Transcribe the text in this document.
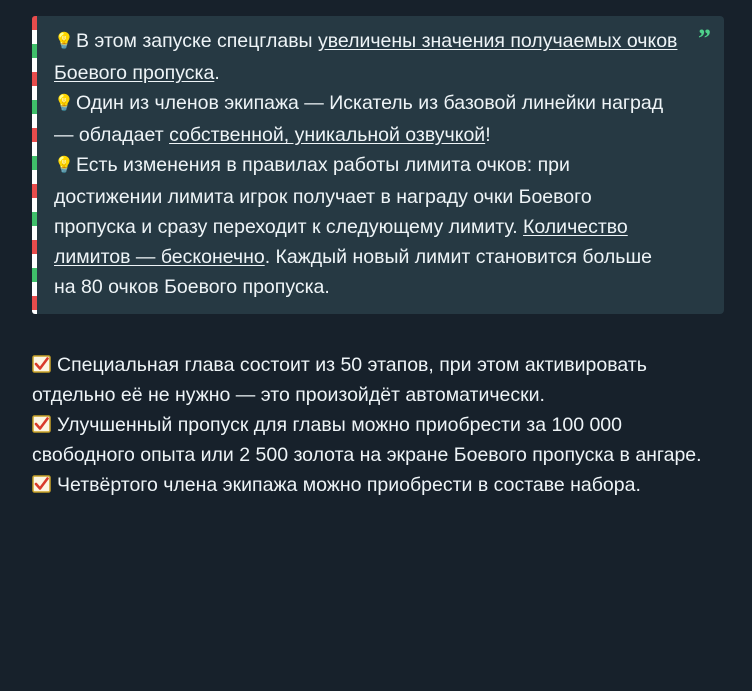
”

💡 В этом запуске спецглавы увеличены значения получаемых очков Боевого пропуска.

💡 Один из членов экипажа — Искатель из базовой линейки наград — обладает собственной, уникальной озвучкой!

💡 Есть изменения в правилах работы лимита очков: при достижении лимита игрок получает в награду очки Боевого пропуска и сразу переходит к следующему лимиту. Количество лимитов — бесконечно. Каждый новый лимит становится больше на 80 очков Боевого пропуска.

Специальная глава состоит из 50 этапов, при этом активировать отдельно её не нужно — это произойдёт автоматически.

Улучшенный пропуск для главы можно приобрести за 100 000 свободного опыта или 2 500 золота на экране Боевого пропуска в ангаре.

Четвёртого члена экипажа можно приобрести в составе набора.
